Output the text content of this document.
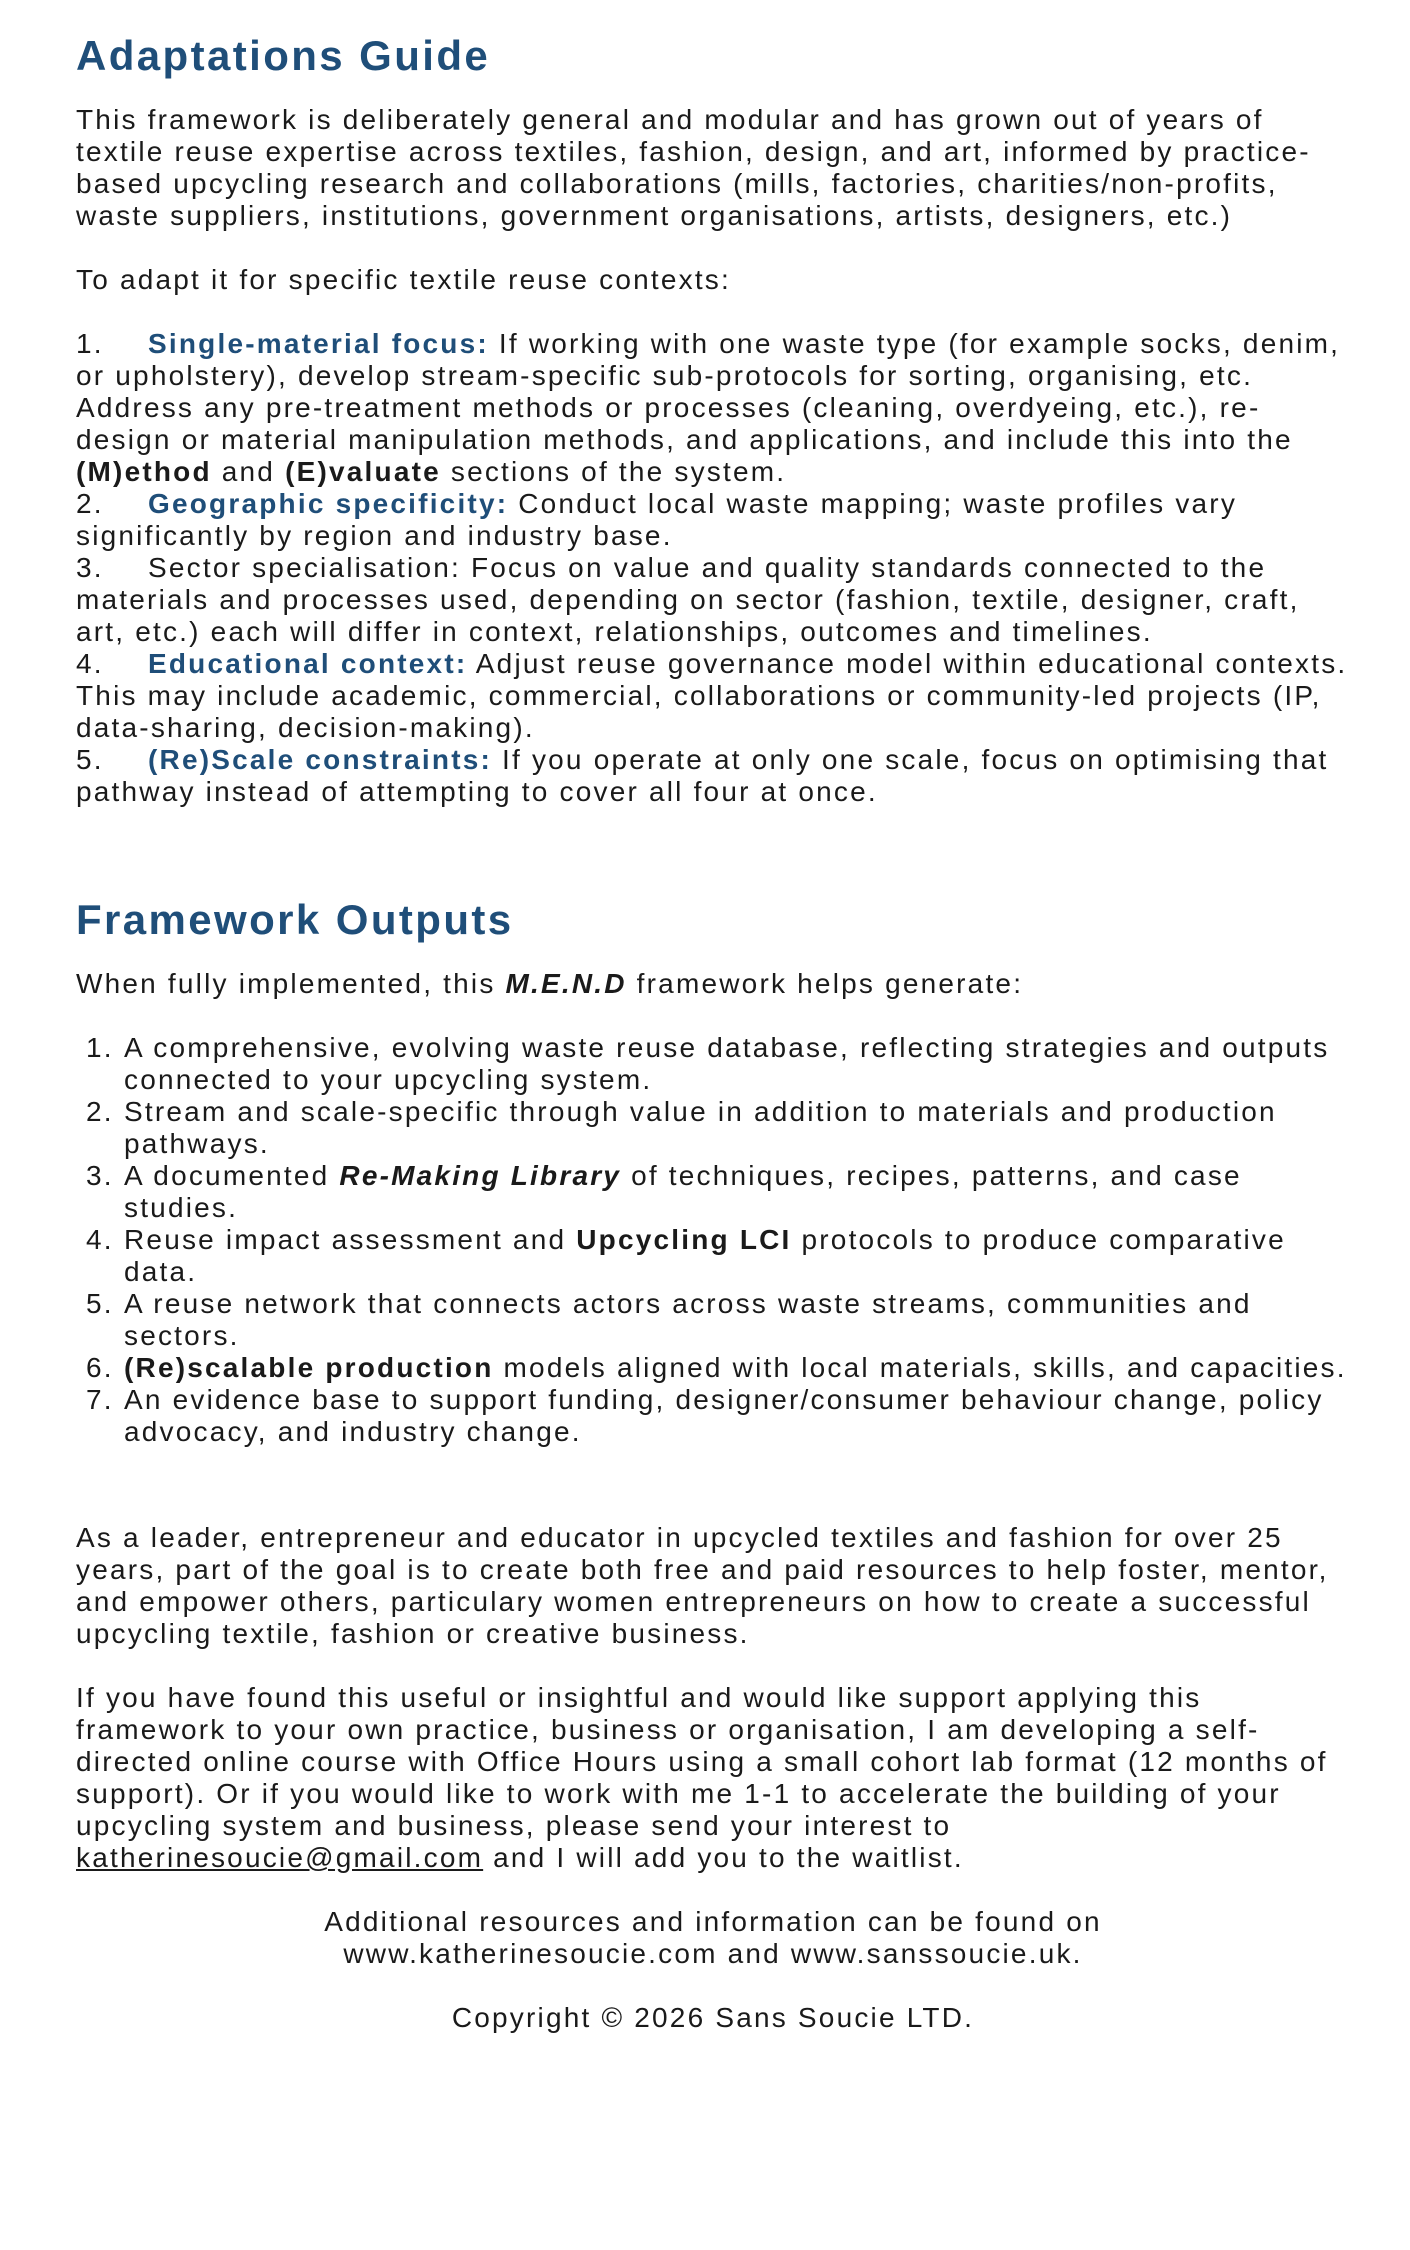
Adaptations Guide

This framework is deliberately general and modular and has grown out of years of textile reuse expertise across textiles, fashion, design, and art, informed by practice-based upcycling research and collaborations (mills, factories, charities/non-profits, waste suppliers, institutions, government organisations, artists, designers, etc.)

To adapt it for specific textile reuse contexts:

1. Single-material focus: If working with one waste type (for example socks, denim, or upholstery), develop stream-specific sub-protocols for sorting, organising, etc. Address any pre-treatment methods or processes (cleaning, overdyeing, etc.), re-design or material manipulation methods, and applications, and include this into the (M)ethod and (E)valuate sections of the system.

2. Geographic specificity: Conduct local waste mapping; waste profiles vary significantly by region and industry base.

3. Sector specialisation: Focus on value and quality standards connected to the materials and processes used, depending on sector (fashion, textile, designer, craft, art, etc.) each will differ in context, relationships, outcomes and timelines.

4. Educational context: Adjust reuse governance model within educational contexts. This may include academic, commercial, collaborations or community-led projects (IP, data-sharing, decision-making).

5. (Re)Scale constraints: If you operate at only one scale, focus on optimising that pathway instead of attempting to cover all four at once.

Framework Outputs

When fully implemented, this M.E.N.D framework helps generate:

1. A comprehensive, evolving waste reuse database, reflecting strategies and outputs connected to your upcycling system.
2. Stream and scale-specific through value in addition to materials and production pathways.
3. A documented Re-Making Library of techniques, recipes, patterns, and case studies.
4. Reuse impact assessment and Upcycling LCI protocols to produce comparative data.
5. A reuse network that connects actors across waste streams, communities and sectors.
6. (Re)scalable production models aligned with local materials, skills, and capacities.
7. An evidence base to support funding, designer/consumer behaviour change, policy advocacy, and industry change.

As a leader, entrepreneur and educator in upcycled textiles and fashion for over 25 years, part of the goal is to create both free and paid resources to help foster, mentor, and empower others, particulary women entrepreneurs on how to create a successful upcycling textile, fashion or creative business.

If you have found this useful or insightful and would like support applying this framework to your own practice, business or organisation, I am developing a self-directed online course with Office Hours using a small cohort lab format (12 months of support). Or if you would like to work with me 1-1 to accelerate the building of your upcycling system and business, please send your interest to katherinesoucie@gmail.com and I will add you to the waitlist.

Additional resources and information can be found on
www.katherinesoucie.com and www.sanssoucie.uk.
Copyright © 2026 Sans Soucie LTD.
